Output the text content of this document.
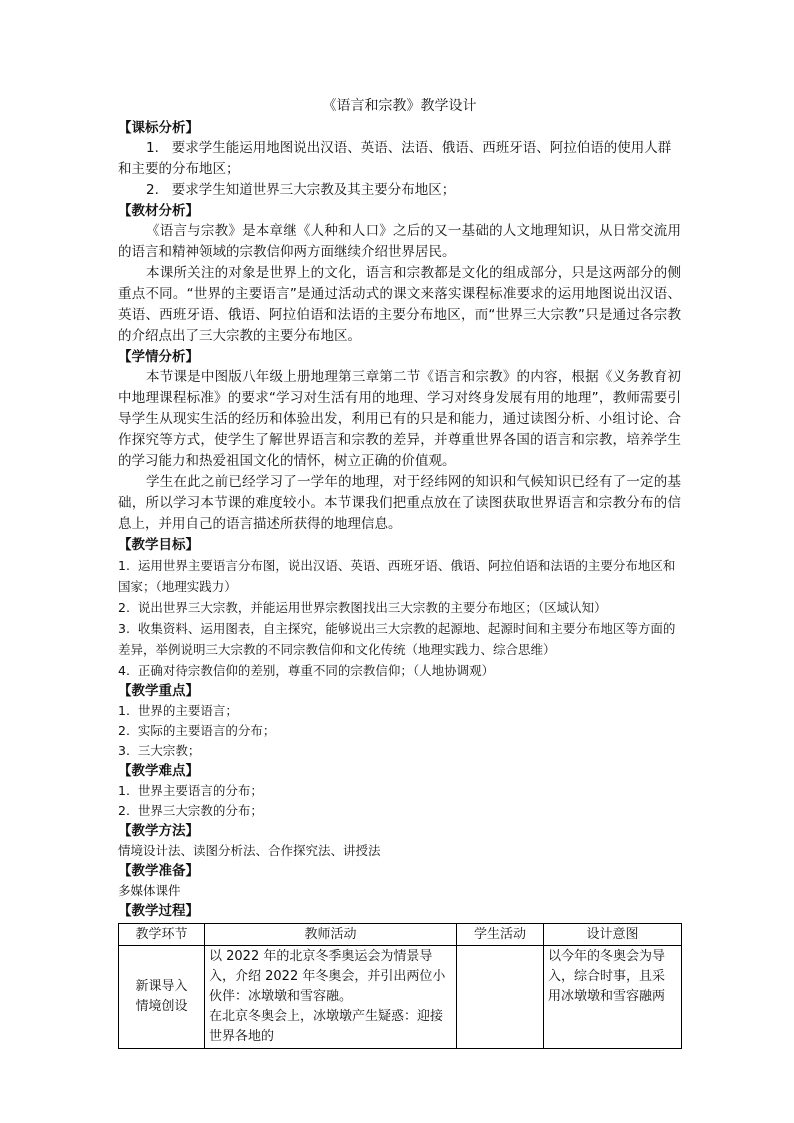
《语言和宗教》教学设计
【课标分析】
1.   要求学生能运用地图说出汉语、英语、法语、俄语、西班牙语、阿拉伯语的使用人群和主要的分布地区；
2.   要求学生知道世界三大宗教及其主要分布地区；
【教材分析】
《语言与宗教》是本章继《人种和人口》之后的又一基础的人文地理知识，从日常交流用的语言和精神领域的宗教信仰两方面继续介绍世界居民。
本课所关注的对象是世界上的文化，语言和宗教都是文化的组成部分，只是这两部分的侧重点不同。“世界的主要语言”是通过活动式的课文来落实课程标准要求的运用地图说出汉语、英语、西班牙语、俄语、阿拉伯语和法语的主要分布地区，而“世界三大宗教”只是通过各宗教的介绍点出了三大宗教的主要分布地区。
【学情分析】
本节课是中图版八年级上册地理第三章第二节《语言和宗教》的内容，根据《义务教育初中地理课程标准》的要求“学习对生活有用的地理、学习对终身发展有用的地理”，教师需要引导学生从现实生活的经历和体验出发，利用已有的只是和能力，通过读图分析、小组讨论、合作探究等方式，使学生了解世界语言和宗教的差异，并尊重世界各国的语言和宗教，培养学生的学习能力和热爱祖国文化的情怀，树立正确的价值观。
学生在此之前已经学习了一学年的地理，对于经纬网的知识和气候知识已经有了一定的基础，所以学习本节课的难度较小。本节课我们把重点放在了读图获取世界语言和宗教分布的信息上，并用自己的语言描述所获得的地理信息。
【教学目标】
1.  运用世界主要语言分布图，说出汉语、英语、西班牙语、俄语、阿拉伯语和法语的主要分布地区和国家；（地理实践力）
2.  说出世界三大宗教，并能运用世界宗教图找出三大宗教的主要分布地区；（区域认知）
3.  收集资料、运用图表，自主探究，能够说出三大宗教的起源地、起源时间和主要分布地区等方面的差异，举例说明三大宗教的不同宗教信仰和文化传统（地理实践力、综合思维）
4.  正确对待宗教信仰的差别，尊重不同的宗教信仰；（人地协调观）
【教学重点】
1.  世界的主要语言；
2.  实际的主要语言的分布；
3.  三大宗教；
【教学难点】
1.  世界主要语言的分布；
2.  世界三大宗教的分布；
【教学方法】
情境设计法、读图分析法、合作探究法、讲授法
【教学准备】
多媒体课件
【教学过程】
教学环节	教师活动	学生活动	设计意图
新课导入
情境创设	以 2022 年的北京冬季奥运会为情景导入，介绍 2022 年冬奥会，并引出两位小伙伴：冰墩墩和雪容融。
在北京冬奥会上，冰墩墩产生疑惑：迎接世界各地的		以今年的冬奥会为导入，综合时事，且采用冰墩墩和雪容融两
